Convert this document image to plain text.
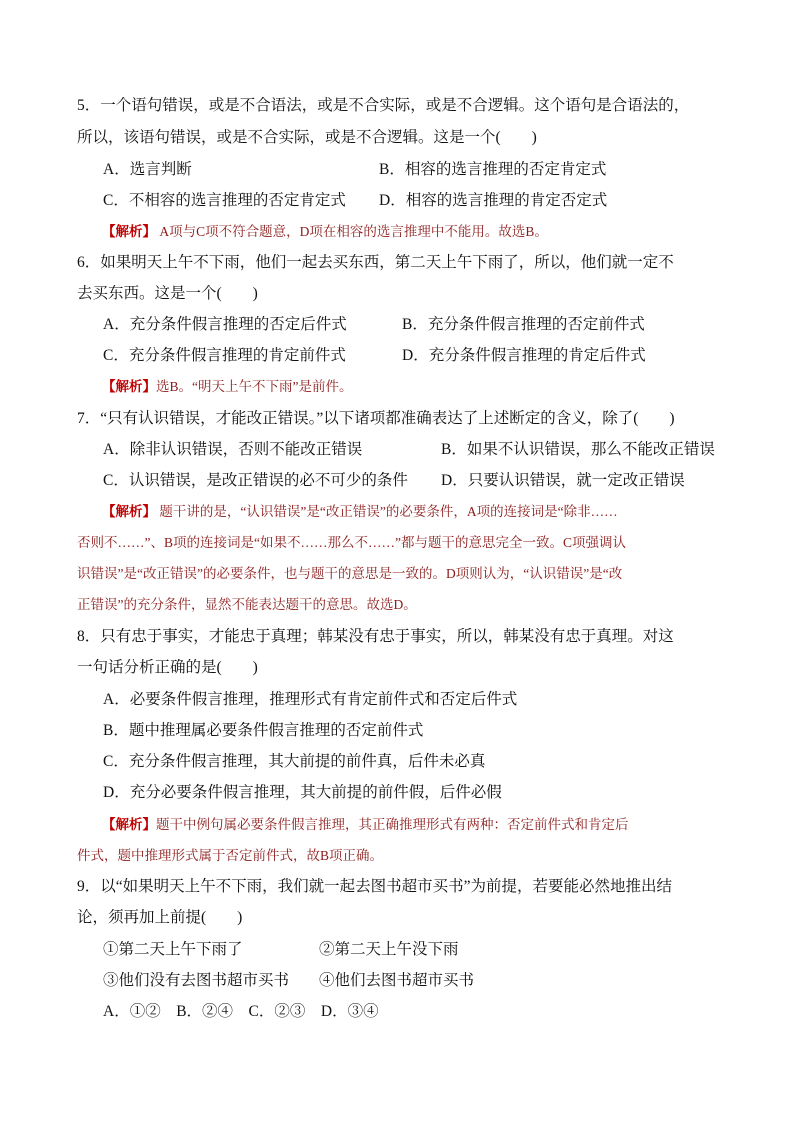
5．一个语句错误，或是不合语法，或是不合实际，或是不合逻辑。这个语句是合语法的，

所以，该语句错误，或是不合实际，或是不合逻辑。这是一个(　　)

A．选言判断	B．相容的选言推理的否定肯定式

C．不相容的选言推理的否定肯定式 D．相容的选言推理的肯定否定式

【解析】 A项与C项不符合题意，D项在相容的选言推理中不能用。故选B。

6．如果明天上午不下雨，他们一起去买东西，第二天上午下雨了，所以，他们就一定不

去买东西。这是一个(　　)

A．充分条件假言推理的否定后件式	B．充分条件假言推理的否定前件式

C．充分条件假言推理的肯定前件式	D．充分条件假言推理的肯定后件式

【解析】选B。“明天上午不下雨”是前件。

7．“只有认识错误，才能改正错误。”以下诸项都准确表达了上述断定的含义，除了(　　)

A．除非认识错误，否则不能改正错误	B．如果不认识错误，那么不能改正错误

C．认识错误，是改正错误的必不可少的条件 D．只要认识错误，就一定改正错误

【解析】 题干讲的是，“认识错误”是“改正错误”的必要条件，A项的连接词是“除非……

否则不……”、B项的连接词是“如果不……那么不……”都与题干的意思完全一致。C项强调认

识错误”是“改正错误”的必要条件，也与题干的意思是一致的。D项则认为，“认识错误”是“改

正错误”的充分条件，显然不能表达题干的意思。故选D。

8．只有忠于事实，才能忠于真理；韩某没有忠于事实，所以，韩某没有忠于真理。对这

一句话分析正确的是(　　)

A．必要条件假言推理，推理形式有肯定前件式和否定后件式

B．题中推理属必要条件假言推理的否定前件式

C．充分条件假言推理，其大前提的前件真，后件未必真

D．充分必要条件假言推理，其大前提的前件假，后件必假

【解析】题干中例句属必要条件假言推理，其正确推理形式有两种：否定前件式和肯定后

件式，题中推理形式属于否定前件式，故B项正确。

9．以“如果明天上午不下雨，我们就一起去图书超市买书”为前提，若要能必然地推出结

论，须再加上前提(　　)

①第二天上午下雨了	②第二天上午没下雨

③他们没有去图书超市买书 ④他们去图书超市买书

A．①②　B．②④　C．②③　D．③④
